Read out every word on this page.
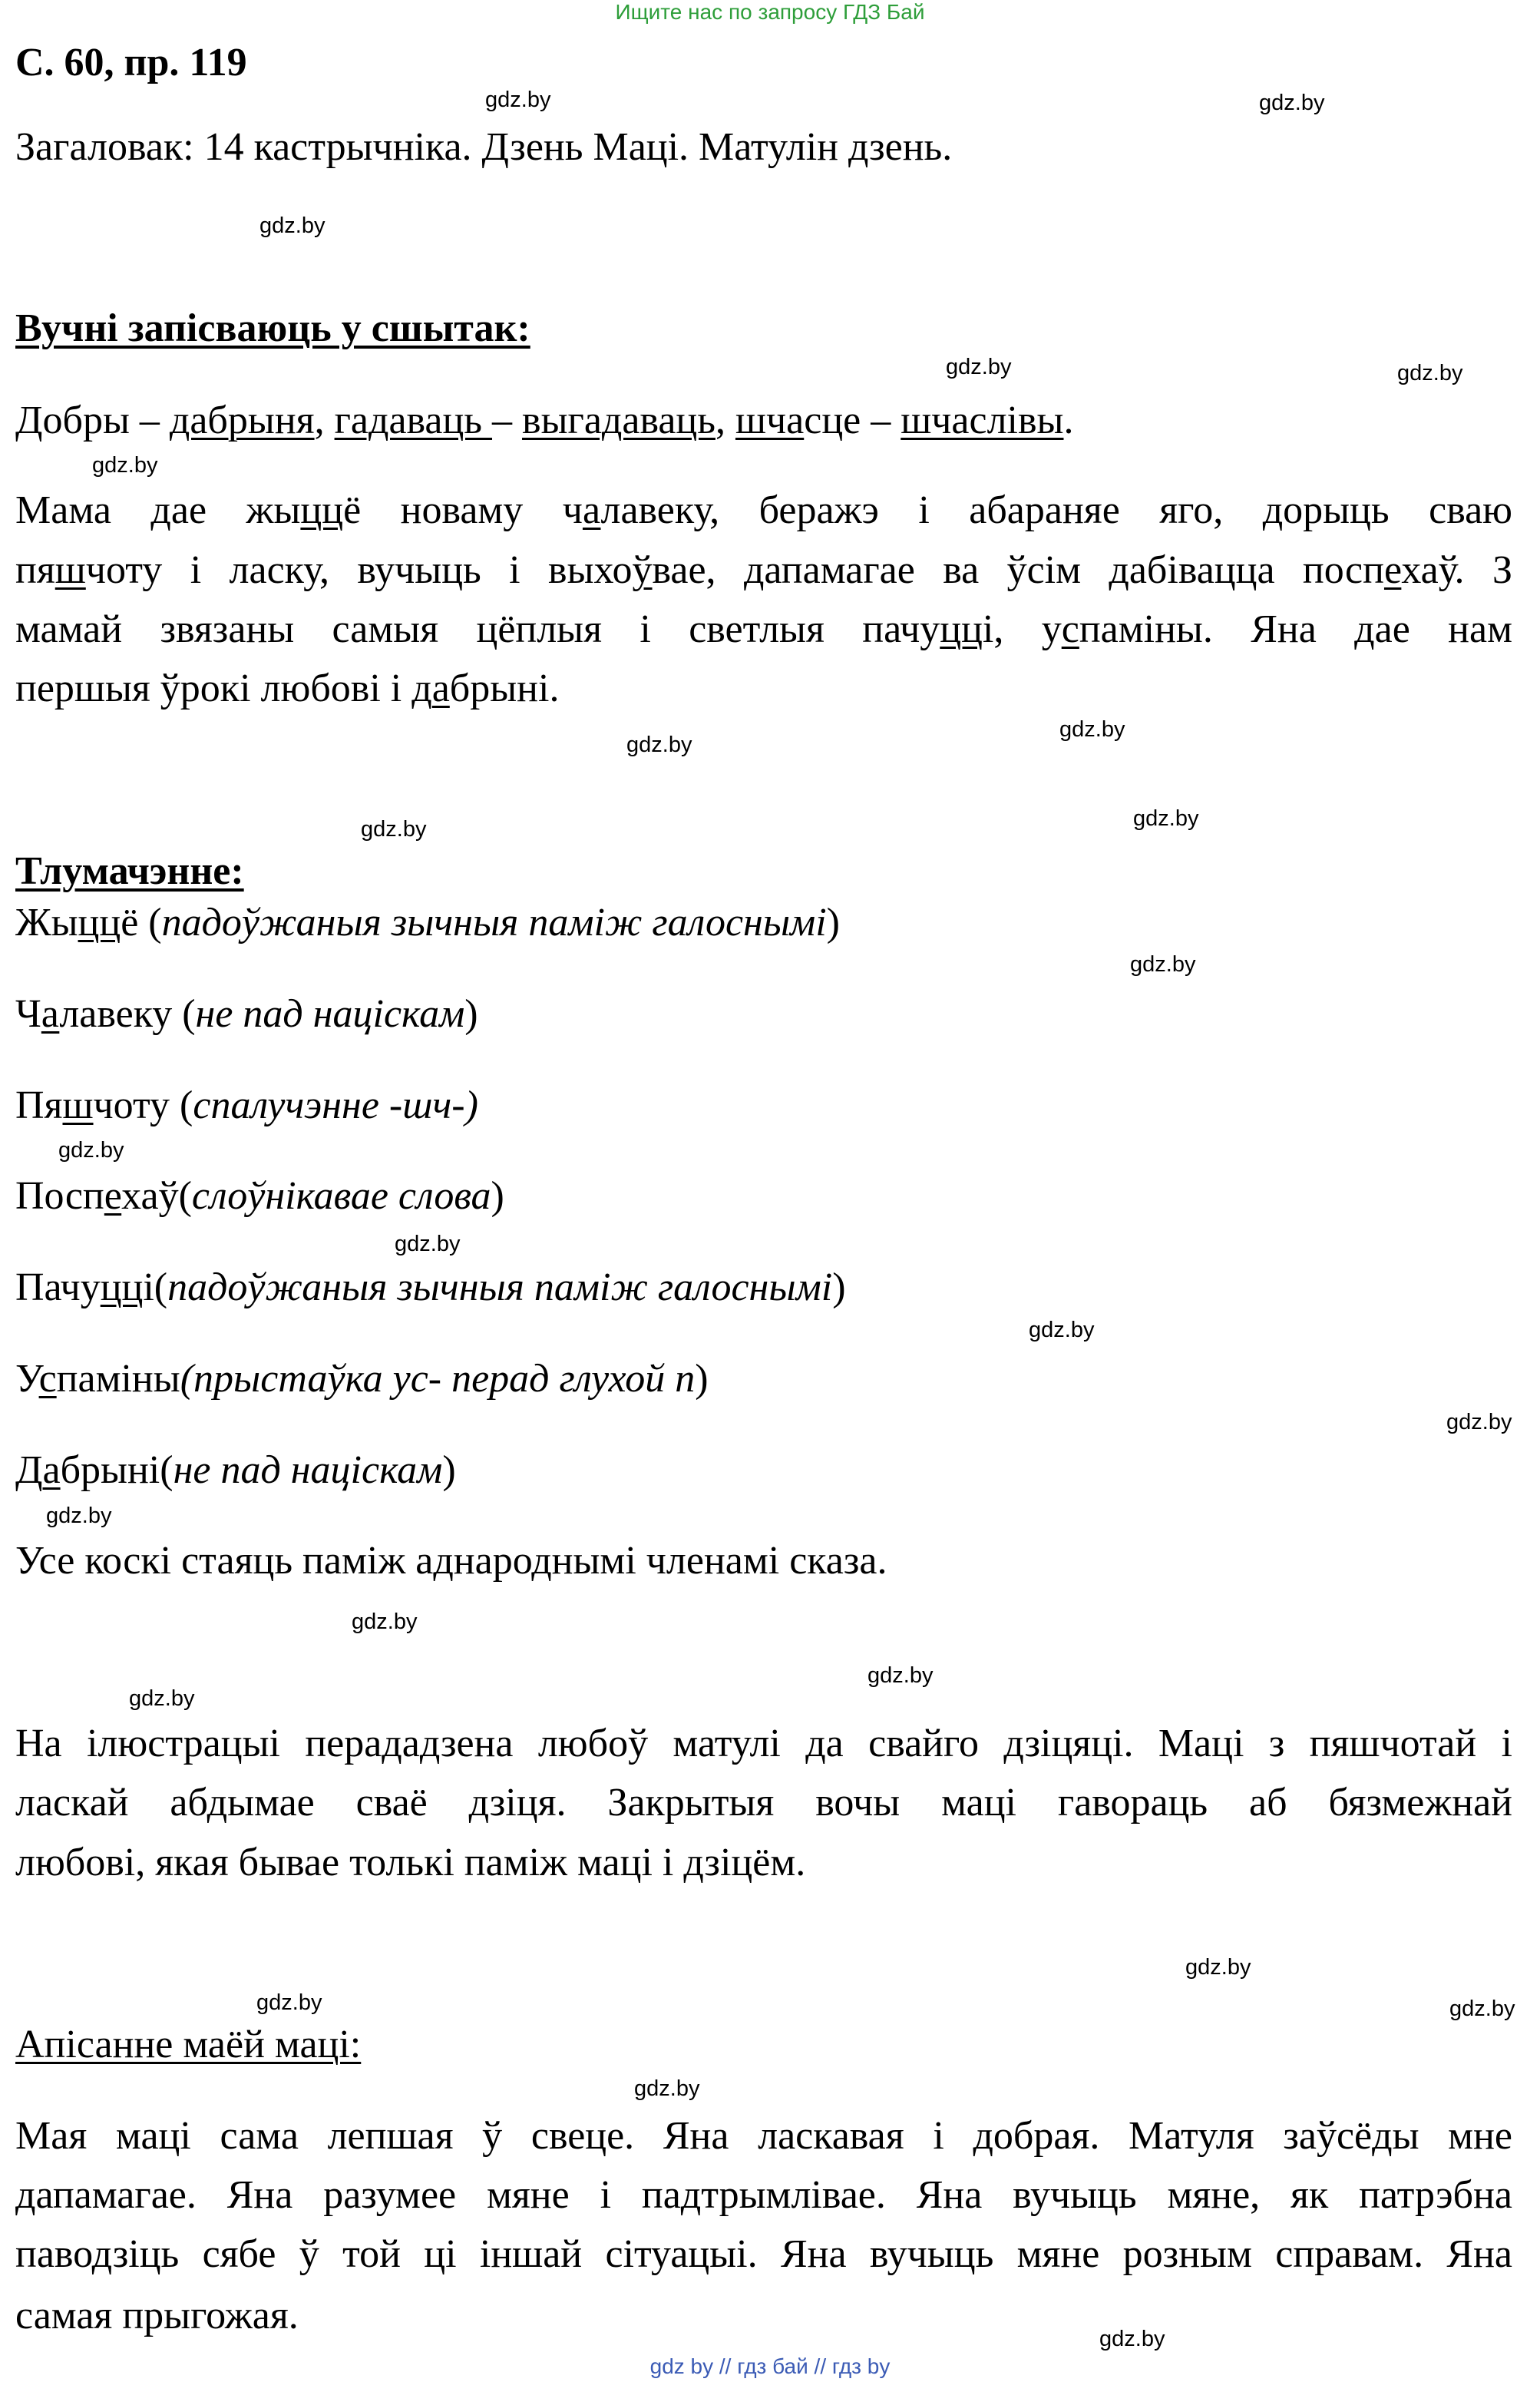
Ищите нас по запросу ГДЗ Бай
С. 60, пр. 119
Загаловак: 14 кастрычніка. Дзень Маці. Матулін дзень.
Вучні запісваюць у сшытак:
Добры – дабрыня, гадаваць – выгадаваць, шчасце – шчаслівы.
Мама дае жыццё новаму чалавеку, беражэ і абараняе яго, дорыць сваю
пяшчоту і ласку, вучыць і выхоўвае, дапамагае ва ўсім дабівацца поспехаў. З
мамай звязаны самыя цёплыя і светлыя пачуцці, успаміны. Яна дае нам
першыя ўрокі любові і дабрыні.
Тлумачэнне:
Жыццё (падоўжаныя зычныя паміж галоснымі)
Чалавеку (не пад націскам)
Пяшчоту (спалучэнне -шч-)
Поспехаў(слоўнікавае слова)
Пачуцці(падоўжаныя зычныя паміж галоснымі)
Успаміны(прыстаўка ус- перад глухой п)
Дабрыні(не пад націскам)
Усе коскі стаяць паміж аднароднымі членамі сказа.
На ілюстрацыі перададзена любоў матулі да свайго дзіцяці. Маці з пяшчотай і
ласкай абдымае сваё дзіця. Закрытыя вочы маці гавораць аб бязмежнай
любові, якая бывае толькі паміж маці і дзіцём.
Апісанне маёй маці:
Мая маці сама лепшая ў свеце. Яна ласкавая і добрая. Матуля заўсёды мне
дапамагае. Яна разумее мяне і падтрымлівае. Яна вучыць мяне, як патрэбна
паводзіць сябе ў той ці іншай сітуацыі. Яна вучыць мяне розным справам. Яна
самая прыгожая.
gdz by // гдз бай // гдз by
gdz.by	gdz.by
gdz.by
gdz.by	gdz.by
gdz.by
gdz.by
gdz.by
gdz.by
gdz.by
gdz.by
gdz.by
gdz.by
gdz.by
gdz.by
gdz.by
gdz.by
gdz.by
gdz.by
gdz.by
gdz.by	gdz.by
gdz.by
gdz.by
